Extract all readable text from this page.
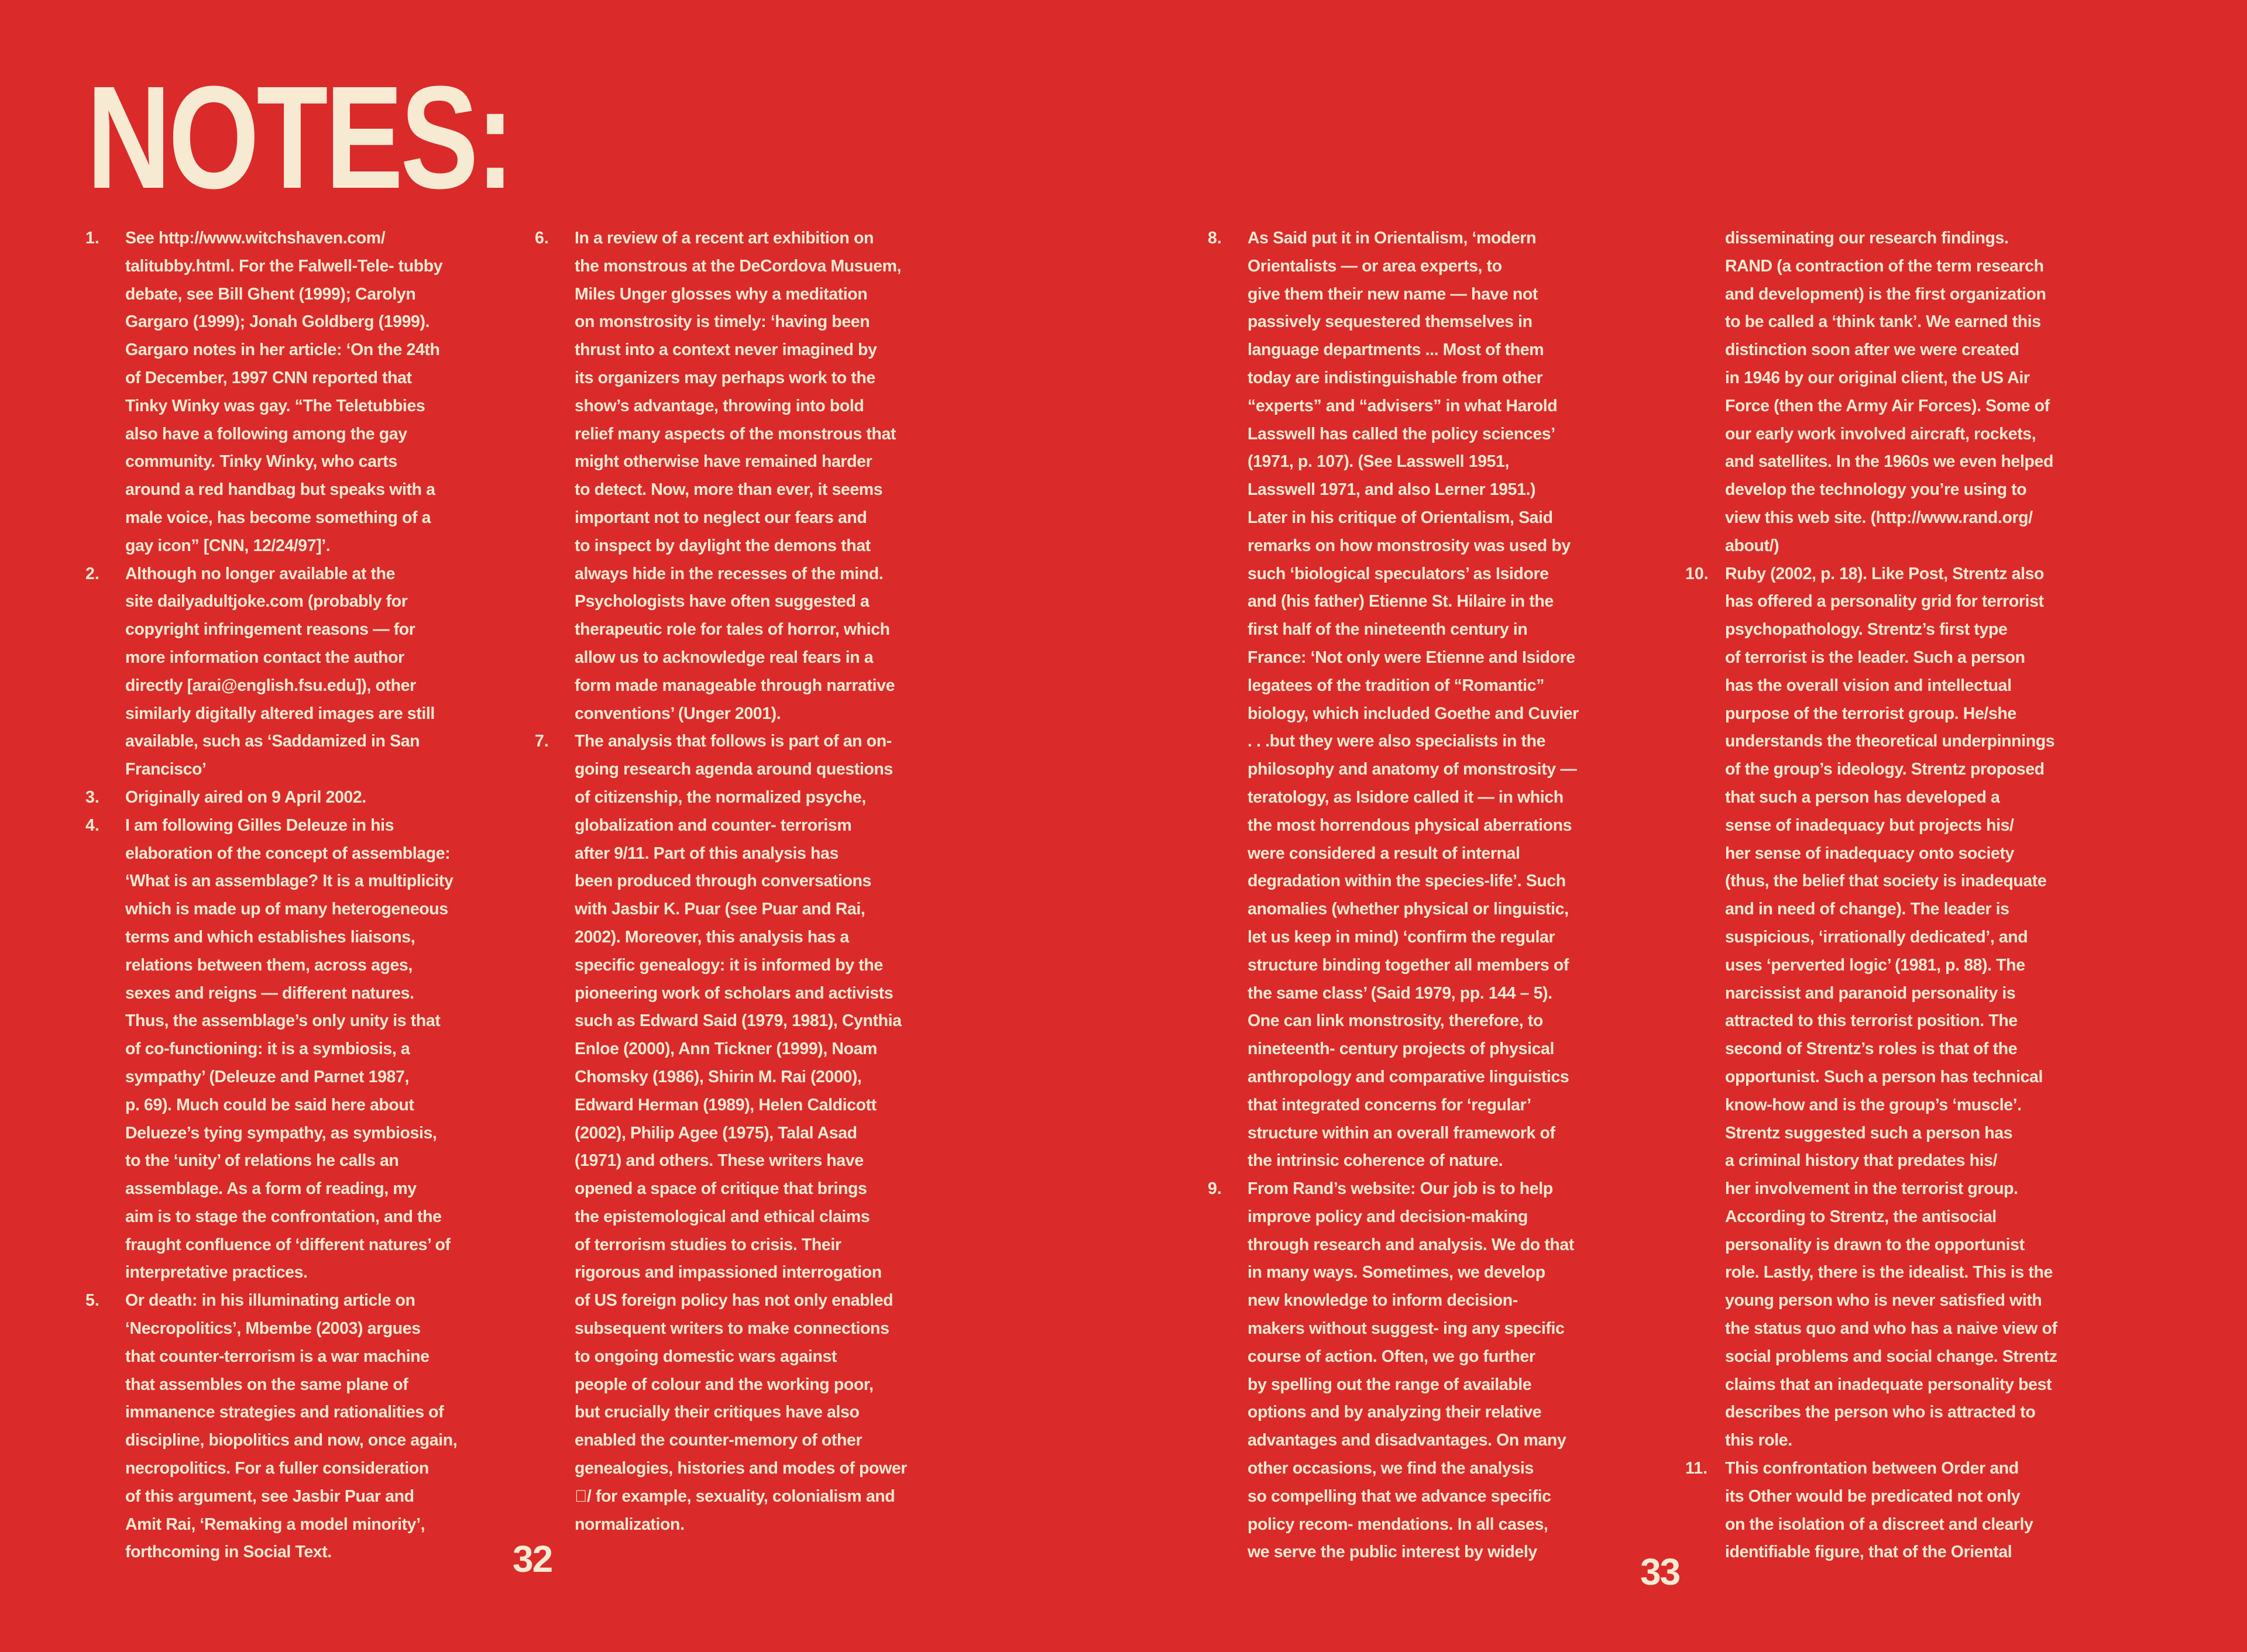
NOTES:
1. See http://www.witchshaven.com/
talitubby.html. For the Falwell-Tele- tubby
debate, see Bill Ghent (1999); Carolyn
Gargaro (1999); Jonah Goldberg (1999).
Gargaro notes in her article: ‘On the 24th
of December, 1997 CNN reported that
Tinky Winky was gay. “The Teletubbies
also have a following among the gay
community. Tinky Winky, who carts
around a red handbag but speaks with a
male voice, has become something of a
gay icon” [CNN, 12/24/97]’.

2. Although no longer available at the
site dailyadultjoke.com (probably for
copyright infringement reasons — for
more information contact the author
directly [arai@english.fsu.edu]), other
similarly digitally altered images are still
available, such as ‘Saddamized in San
Francisco’

3. Originally aired on 9 April 2002.

4. I am following Gilles Deleuze in his
elaboration of the concept of assemblage:
‘What is an assemblage? It is a multiplicity
which is made up of many heterogeneous
terms and which establishes liaisons,
relations between them, across ages,
sexes and reigns — different natures.
Thus, the assemblage’s only unity is that
of co-functioning: it is a symbiosis, a
sympathy’ (Deleuze and Parnet 1987,
p. 69). Much could be said here about
Delueze’s tying sympathy, as symbiosis,
to the ‘unity’ of relations he calls an
assemblage. As a form of reading, my
aim is to stage the confrontation, and the
fraught confluence of ‘different natures’ of
interpretative practices.

5. Or death: in his illuminating article on
‘Necropolitics’, Mbembe (2003) argues
that counter-terrorism is a war machine
that assembles on the same plane of
immanence strategies and rationalities of
discipline, biopolitics and now, once again,
necropolitics. For a fuller consideration
of this argument, see Jasbir Puar and
Amit Rai, ‘Remaking a model minority’,
forthcoming in Social Text.

6. In a review of a recent art exhibition on
the monstrous at the DeCordova Musuem,
Miles Unger glosses why a meditation
on monstrosity is timely: ‘having been
thrust into a context never imagined by
its organizers may perhaps work to the
show’s advantage, throwing into bold
relief many aspects of the monstrous that
might otherwise have remained harder
to detect. Now, more than ever, it seems
important not to neglect our fears and
to inspect by daylight the demons that
always hide in the recesses of the mind.
Psychologists have often suggested a
therapeutic role for tales of horror, which
allow us to acknowledge real fears in a
form made manageable through narrative
conventions’ (Unger 2001).

7. The analysis that follows is part of an on-
going research agenda around questions
of citizenship, the normalized psyche,
globalization and counter- terrorism
after 9/11. Part of this analysis has
been produced through conversations
with Jasbir K. Puar (see Puar and Rai,
2002). Moreover, this analysis has a
specific genealogy: it is informed by the
pioneering work of scholars and activists
such as Edward Said (1979, 1981), Cynthia
Enloe (2000), Ann Tickner (1999), Noam
Chomsky (1986), Shirin M. Rai (2000),
Edward Herman (1989), Helen Caldicott
(2002), Philip Agee (1975), Talal Asad
(1971) and others. These writers have
opened a space of critique that brings
the epistemological and ethical claims
of terrorism studies to crisis. Their
rigorous and impassioned interrogation
of US foreign policy has not only enabled
subsequent writers to make connections
to ongoing domestic wars against
people of colour and the working poor,
but crucially their critiques have also
enabled the counter-memory of other
genealogies, histories and modes of power
 / for example, sexuality, colonialism and
normalization.

32
8. As Said put it in Orientalism, ‘modern
Orientalists — or area experts, to
give them their new name — have not
passively sequestered themselves in
language departments ... Most of them
today are indistinguishable from other
“experts” and “advisers” in what Harold
Lasswell has called the policy sciences’
(1971, p. 107). (See Lasswell 1951,
Lasswell 1971, and also Lerner 1951.)
Later in his critique of Orientalism, Said
remarks on how monstrosity was used by
such ‘biological speculators’ as Isidore
and (his father) Etienne St. Hilaire in the
first half of the nineteenth century in
France: ‘Not only were Etienne and Isidore
legatees of the tradition of “Romantic”
biology, which included Goethe and Cuvier
. . .but they were also specialists in the
philosophy and anatomy of monstrosity —
teratology, as Isidore called it — in which
the most horrendous physical aberrations
were considered a result of internal
degradation within the species-life’. Such
anomalies (whether physical or linguistic,
let us keep in mind) ‘confirm the regular
structure binding together all members of
the same class’ (Said 1979, pp. 144 – 5).
One can link monstrosity, therefore, to
nineteenth- century projects of physical
anthropology and comparative linguistics
that integrated concerns for ‘regular’
structure within an overall framework of
the intrinsic coherence of nature.

9. From Rand’s website: Our job is to help
improve policy and decision-making
through research and analysis. We do that
in many ways. Sometimes, we develop
new knowledge to inform decision-
makers without suggest- ing any specific
course of action. Often, we go further
by spelling out the range of available
options and by analyzing their relative
advantages and disadvantages. On many
other occasions, we find the analysis
so compelling that we advance specific
policy recom- mendations. In all cases,
we serve the public interest by widely

disseminating our research findings.
RAND (a contraction of the term research
and development) is the first organization
to be called a ‘think tank’. We earned this
distinction soon after we were created
in 1946 by our original client, the US Air
Force (then the Army Air Forces). Some of
our early work involved aircraft, rockets,
and satellites. In the 1960s we even helped
develop the technology you’re using to
view this web site. (http://www.rand.org/
about/)

10. Ruby (2002, p. 18). Like Post, Strentz also
has offered a personality grid for terrorist
psychopathology. Strentz’s first type
of terrorist is the leader. Such a person
has the overall vision and intellectual
purpose of the terrorist group. He/she
understands the theoretical underpinnings
of the group’s ideology. Strentz proposed
that such a person has developed a
sense of inadequacy but projects his/
her sense of inadequacy onto society
(thus, the belief that society is inadequate
and in need of change). The leader is
suspicious, ‘irrationally dedicated’, and
uses ‘perverted logic’ (1981, p. 88). The
narcissist and paranoid personality is
attracted to this terrorist position. The
second of Strentz’s roles is that of the
opportunist. Such a person has technical
know-how and is the group’s ‘muscle’.
Strentz suggested such a person has
a criminal history that predates his/
her involvement in the terrorist group.
According to Strentz, the antisocial
personality is drawn to the opportunist
role. Lastly, there is the idealist. This is the
young person who is never satisfied with
the status quo and who has a naive view of
social problems and social change. Strentz
claims that an inadequate personality best
describes the person who is attracted to
this role.

11. This confrontation between Order and
its Other would be predicated not only
on the isolation of a discreet and clearly
identifiable figure, that of the Oriental

33
